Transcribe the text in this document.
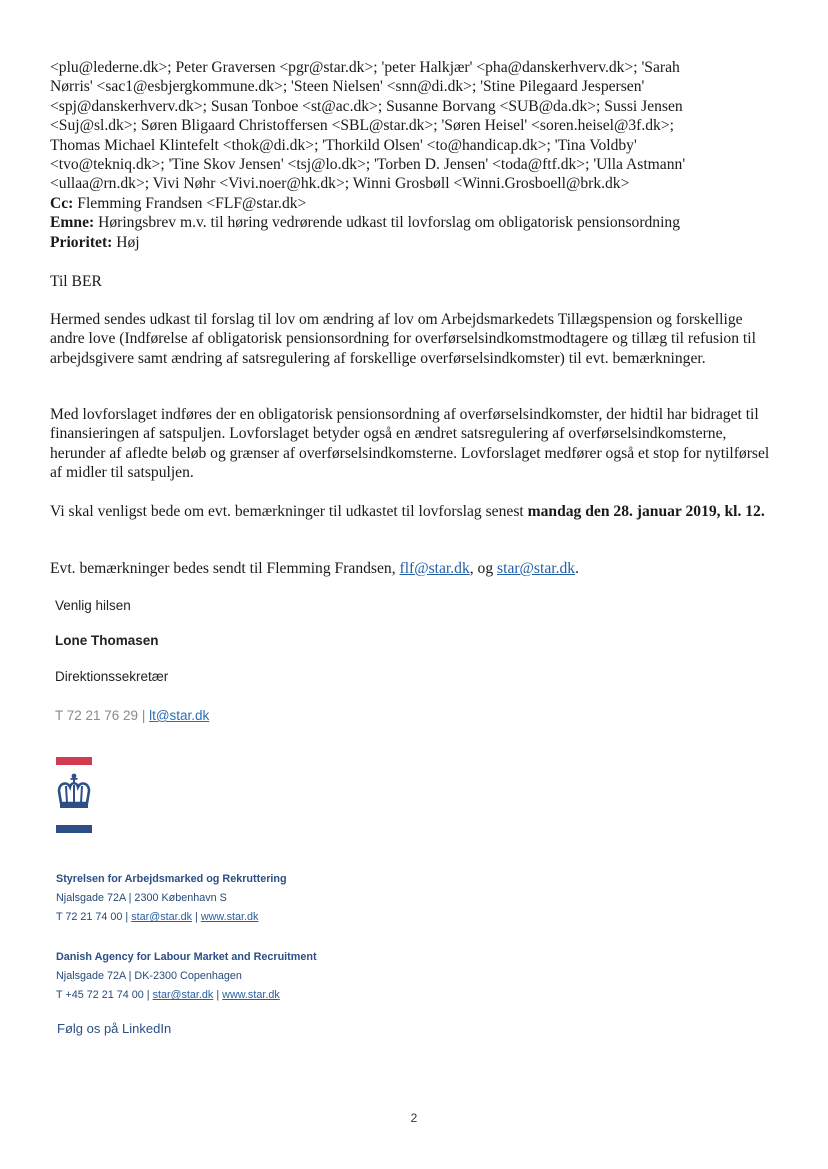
<plu@lederne.dk>; Peter Graversen <pgr@star.dk>; 'peter Halkjær' <pha@danskerhverv.dk>; 'Sarah

Nørris' <sac1@esbjergkommune.dk>; 'Steen Nielsen' <snn@di.dk>; 'Stine Pilegaard Jespersen'

<spj@danskerhverv.dk>; Susan Tonboe <st@ac.dk>; Susanne Borvang <SUB@da.dk>; Sussi Jensen

<Suj@sl.dk>; Søren Bligaard Christoffersen <SBL@star.dk>; 'Søren Heisel' <soren.heisel@3f.dk>;

Thomas Michael Klintefelt <thok@di.dk>; 'Thorkild Olsen' <to@handicap.dk>; 'Tina Voldby'

<tvo@tekniq.dk>; 'Tine Skov Jensen' <tsj@lo.dk>; 'Torben D. Jensen' <toda@ftf.dk>; 'Ulla Astmann'

<ullaa@rn.dk>; Vivi Nøhr <Vivi.noer@hk.dk>; Winni Grosbøll <Winni.Grosboell@brk.dk>

Cc: Flemming Frandsen <FLF@star.dk>

Emne: Høringsbrev m.v. til høring vedrørende udkast til lovforslag om obligatorisk pensionsordning

Prioritet: Høj

Til BER

Hermed sendes udkast til forslag til lov om ændring af lov om Arbejdsmarkedets Tillægspension og forskellige andre love (Indførelse af obligatorisk pensionsordning for overførselsindkomstmodtagere og tillæg til refusion til arbejdsgivere samt ændring af satsregulering af forskellige overførselsindkomster) til evt. bemærkninger.

Med lovforslaget indføres der en obligatorisk pensionsordning af overførselsindkomster, der hidtil har bidraget til finansieringen af satspuljen. Lovforslaget betyder også en ændret satsregulering af overførselsindkomsterne, herunder af afledte beløb og grænser af overførselsindkomsterne. Lovforslaget medfører også et stop for nytilførsel af midler til satspuljen.

Vi skal venligst bede om evt. bemærkninger til udkastet til lovforslag senest mandag den 28. januar 2019, kl. 12.

Evt. bemærkninger bedes sendt til Flemming Frandsen, flf@star.dk, og star@star.dk.

Venlig hilsen
Lone Thomasen
Direktionssekretær
T 72 21 76 29 | lt@star.dk
Styrelsen for Arbejdsmarked og Rekruttering
Njalsgade 72A | 2300 København S
T 72 21 74 00 | star@star.dk | www.star.dk
Danish Agency for Labour Market and Recruitment
Njalsgade 72A | DK-2300 Copenhagen
T +45 72 21 74 00 | star@star.dk | www.star.dk
Følg os på LinkedIn
2
